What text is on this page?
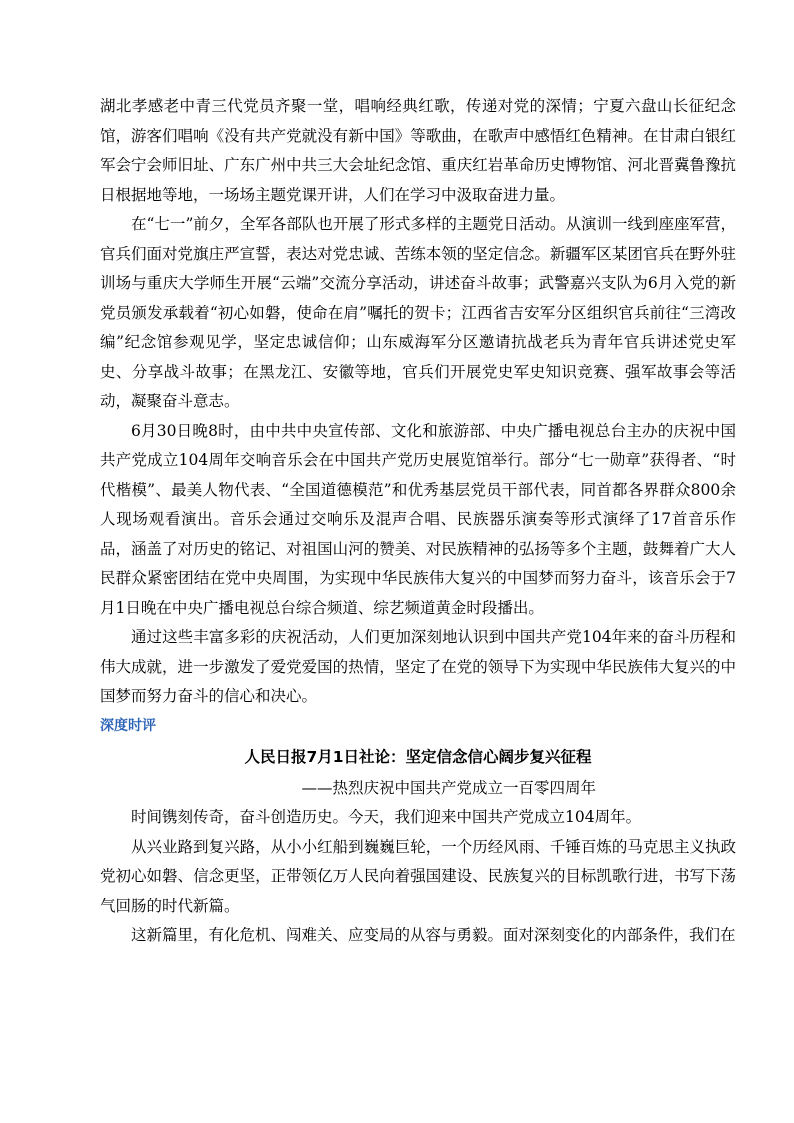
湖北孝感老中青三代党员齐聚一堂，唱响经典红歌，传递对党的深情；宁夏六盘山长征纪念馆，游客们唱响《没有共产党就没有新中国》等歌曲，在歌声中感悟红色精神。在甘肃白银红军会宁会师旧址、广东广州中共三大会址纪念馆、重庆红岩革命历史博物馆、河北晋冀鲁豫抗日根据地等地，一场场主题党课开讲，人们在学习中汲取奋进力量。

在“七一”前夕，全军各部队也开展了形式多样的主题党日活动。从演训一线到座座军营，官兵们面对党旗庄严宣誓，表达对党忠诚、苦练本领的坚定信念。新疆军区某团官兵在野外驻训场与重庆大学师生开展“云端”交流分享活动，讲述奋斗故事；武警嘉兴支队为6月入党的新党员颁发承载着“初心如磐，使命在肩”嘱托的贺卡；江西省吉安军分区组织官兵前往“三湾改编”纪念馆参观见学，坚定忠诚信仰；山东威海军分区邀请抗战老兵为青年官兵讲述党史军史、分享战斗故事；在黑龙江、安徽等地，官兵们开展党史军史知识竞赛、强军故事会等活动，凝聚奋斗意志。

6月30日晚8时，由中共中央宣传部、文化和旅游部、中央广播电视总台主办的庆祝中国共产党成立104周年交响音乐会在中国共产党历史展览馆举行。部分“七一勋章”获得者、“时代楷模”、最美人物代表、“全国道德模范”和优秀基层党员干部代表，同首都各界群众800余人现场观看演出。音乐会通过交响乐及混声合唱、民族器乐演奏等形式演绎了17首音乐作品，涵盖了对历史的铭记、对祖国山河的赞美、对民族精神的弘扬等多个主题，鼓舞着广大人民群众紧密团结在党中央周围，为实现中华民族伟大复兴的中国梦而努力奋斗，该音乐会于7月1日晚在中央广播电视总台综合频道、综艺频道黄金时段播出。

通过这些丰富多彩的庆祝活动，人们更加深刻地认识到中国共产党104年来的奋斗历程和伟大成就，进一步激发了爱党爱国的热情，坚定了在党的领导下为实现中华民族伟大复兴的中国梦而努力奋斗的信心和决心。

深度时评
人民日报7月1日社论：坚定信念信心阔步复兴征程
——热烈庆祝中国共产党成立一百零四周年

时间镌刻传奇，奋斗创造历史。今天，我们迎来中国共产党成立104周年。

从兴业路到复兴路，从小小红船到巍巍巨轮，一个历经风雨、千锤百炼的马克思主义执政党初心如磐、信念更坚，正带领亿万人民向着强国建设、民族复兴的目标凯歌行进，书写下荡气回肠的时代新篇。

这新篇里，有化危机、闯难关、应变局的从容与勇毅。面对深刻变化的内部条件，我们在
